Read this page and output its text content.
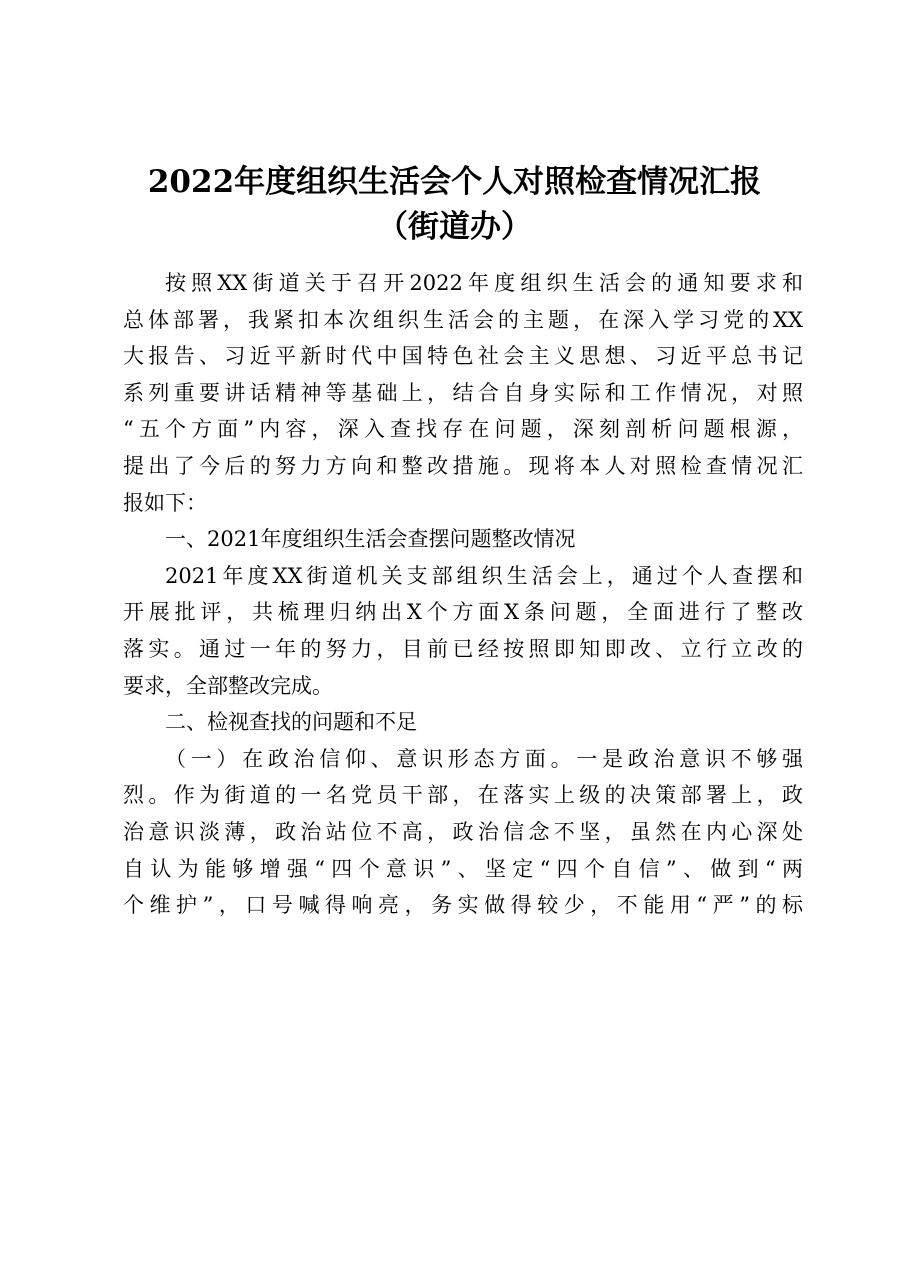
2022年度组织生活会个人对照检查情况汇报
（街道办）
按照XX街道关于召开2022年度组织生活会的通知要求和
总体部署，我紧扣本次组织生活会的主题，在深入学习党的XX
大报告、习近平新时代中国特色社会主义思想、习近平总书记
系列重要讲话精神等基础上，结合自身实际和工作情况，对照
“五个方面”内容，深入查找存在问题，深刻剖析问题根源，
提出了今后的努力方向和整改措施。现将本人对照检查情况汇
报如下：
一、2021年度组织生活会查摆问题整改情况
2021年度XX街道机关支部组织生活会上，通过个人查摆和
开展批评，共梳理归纳出X个方面X条问题，全面进行了整改
落实。通过一年的努力，目前已经按照即知即改、立行立改的
要求，全部整改完成。
二、检视查找的问题和不足
（一）在政治信仰、意识形态方面。一是政治意识不够强
烈。作为街道的一名党员干部，在落实上级的决策部署上，政
治意识淡薄，政治站位不高，政治信念不坚，虽然在内心深处
自认为能够增强“四个意识”、坚定“四个自信”、做到“两
个维护”，口号喊得响亮，务实做得较少，不能用“严”的标
